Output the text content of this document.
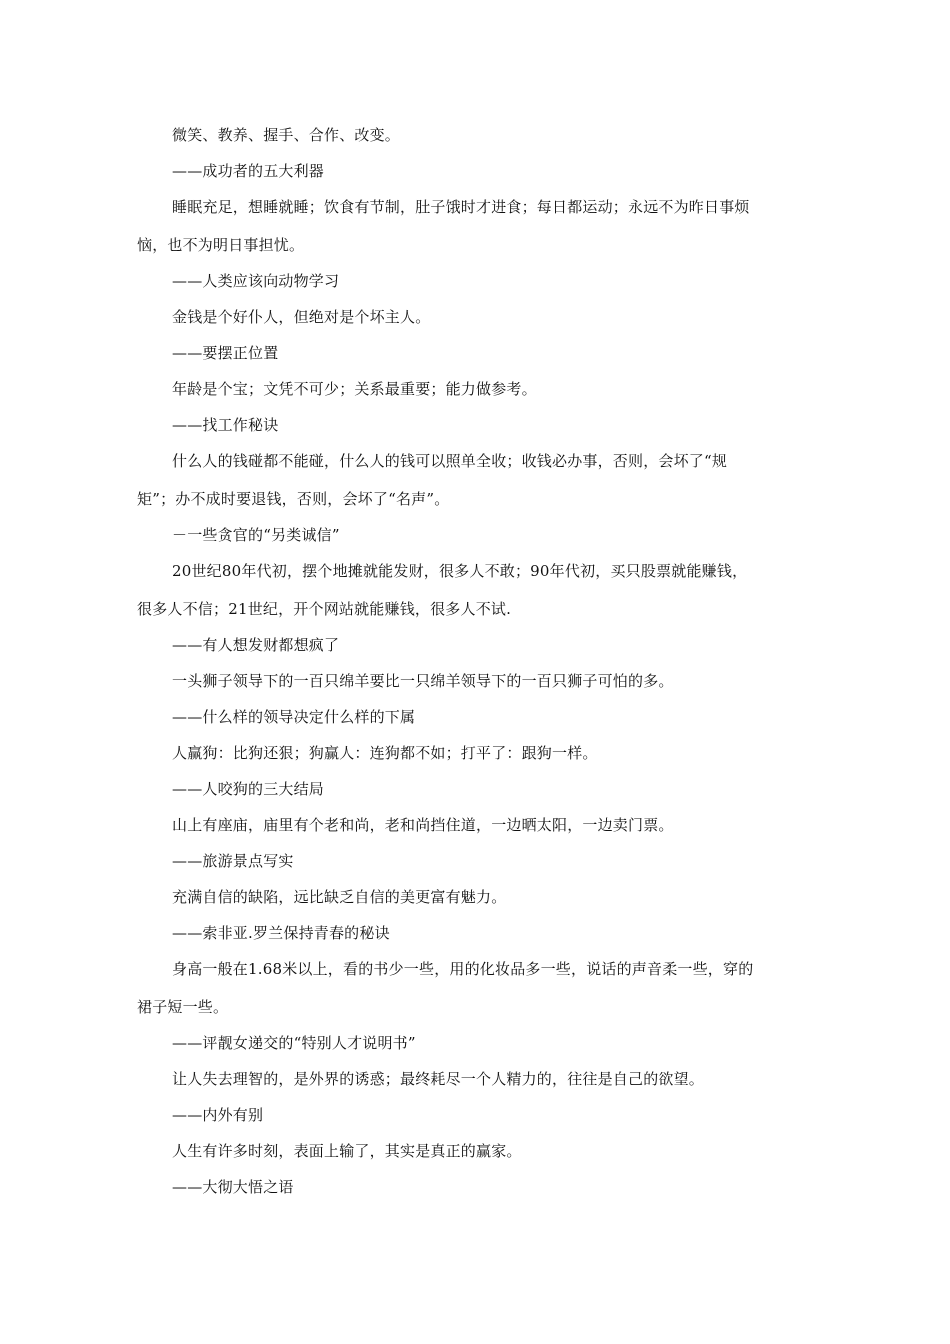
微笑、教养、握手、合作、改变。
——成功者的五大利器
睡眠充足，想睡就睡；饮食有节制，肚子饿时才进食；每日都运动；永远不为昨日事烦
恼，也不为明日事担忧。
——人类应该向动物学习
金钱是个好仆人，但绝对是个坏主人。
——要摆正位置
年龄是个宝；文凭不可少；关系最重要；能力做参考。
——找工作秘诀
什么人的钱碰都不能碰，什么人的钱可以照单全收；收钱必办事，否则，会坏了“规
矩”；办不成时要退钱，否则，会坏了“名声”。
－一些贪官的“另类诚信”
20世纪80年代初，摆个地摊就能发财，很多人不敢；90年代初，买只股票就能赚钱，
很多人不信；21世纪，开个网站就能赚钱，很多人不试.
——有人想发财都想疯了
一头狮子领导下的一百只绵羊要比一只绵羊领导下的一百只狮子可怕的多。
——什么样的领导决定什么样的下属
人赢狗：比狗还狠；狗赢人：连狗都不如；打平了：跟狗一样。
——人咬狗的三大结局
山上有座庙，庙里有个老和尚，老和尚挡住道，一边晒太阳，一边卖门票。
——旅游景点写实
充满自信的缺陷，远比缺乏自信的美更富有魅力。
——索非亚.罗兰保持青春的秘诀
身高一般在1.68米以上，看的书少一些，用的化妆品多一些，说话的声音柔一些，穿的
裙子短一些。
——评靓女递交的“特别人才说明书”
让人失去理智的，是外界的诱惑；最终耗尽一个人精力的，往往是自己的欲望。
——内外有别
人生有许多时刻，表面上输了，其实是真正的赢家。
——大彻大悟之语
